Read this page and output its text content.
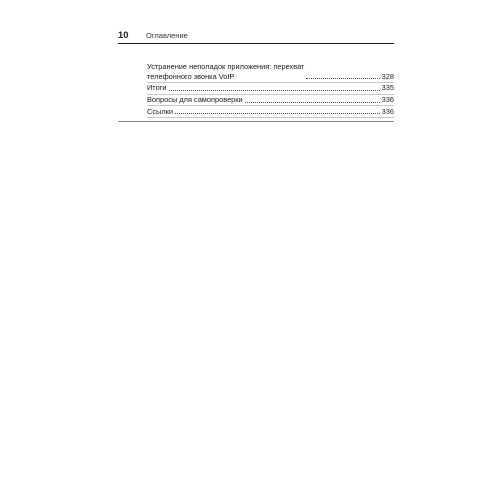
10 Оглавление
Устранение неполадок приложения: перехват
телефонного звонка VoIP	328
Итоги	335
Вопросы для самопроверки	336
Ссылки	336
